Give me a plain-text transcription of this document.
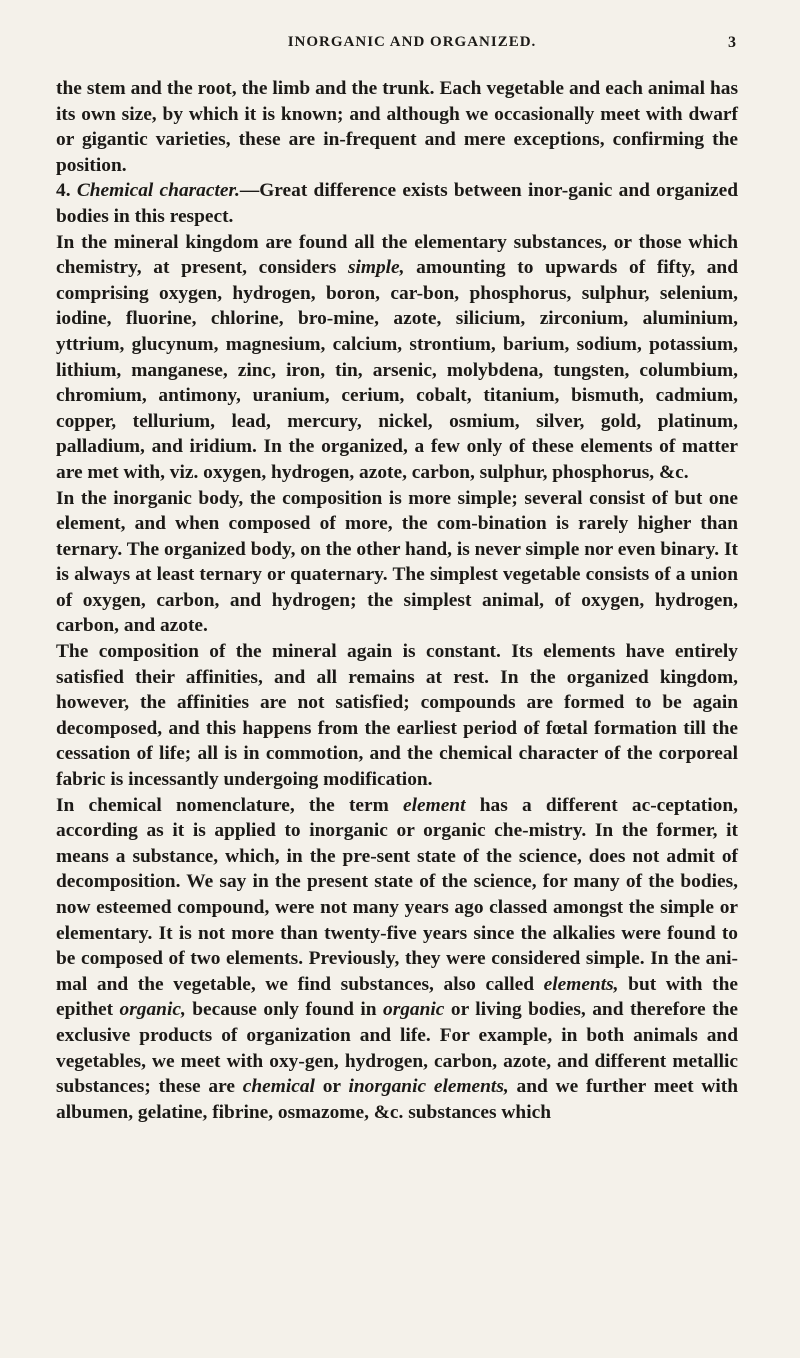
INORGANIC AND ORGANIZED.	3

the stem and the root, the limb and the trunk. Each vegetable and each animal has its own size, by which it is known; and although we occasionally meet with dwarf or gigantic varieties, these are in-frequent and mere exceptions, confirming the position.

4. Chemical character.—Great difference exists between inor-ganic and organized bodies in this respect.

In the mineral kingdom are found all the elementary substances, or those which chemistry, at present, considers simple, amounting to upwards of fifty, and comprising oxygen, hydrogen, boron, car-bon, phosphorus, sulphur, selenium, iodine, fluorine, chlorine, bro-mine, azote, silicium, zirconium, aluminium, yttrium, glucynum, magnesium, calcium, strontium, barium, sodium, potassium, lithium, manganese, zinc, iron, tin, arsenic, molybdena, tungsten, columbium, chromium, antimony, uranium, cerium, cobalt, titanium, bismuth, cadmium, copper, tellurium, lead, mercury, nickel, osmium, silver, gold, platinum, palladium, and iridium. In the organized, a few only of these elements of matter are met with, viz. oxygen, hydrogen, azote, carbon, sulphur, phosphorus, &c.

In the inorganic body, the composition is more simple; several consist of but one element, and when composed of more, the com-bination is rarely higher than ternary. The organized body, on the other hand, is never simple nor even binary. It is always at least ternary or quaternary. The simplest vegetable consists of a union of oxygen, carbon, and hydrogen; the simplest animal, of oxygen, hydrogen, carbon, and azote.

The composition of the mineral again is constant. Its elements have entirely satisfied their affinities, and all remains at rest. In the organized kingdom, however, the affinities are not satisfied; compounds are formed to be again decomposed, and this happens from the earliest period of fœtal formation till the cessation of life; all is in commotion, and the chemical character of the corporeal fabric is incessantly undergoing modification.

In chemical nomenclature, the term element has a different ac-ceptation, according as it is applied to inorganic or organic che-mistry. In the former, it means a substance, which, in the pre-sent state of the science, does not admit of decomposition. We say in the present state of the science, for many of the bodies, now esteemed compound, were not many years ago classed amongst the simple or elementary. It is not more than twenty-five years since the alkalies were found to be composed of two elements. Previously, they were considered simple. In the ani-mal and the vegetable, we find substances, also called elements, but with the epithet organic, because only found in organic or living bodies, and therefore the exclusive products of organization and life. For example, in both animals and vegetables, we meet with oxy-gen, hydrogen, carbon, azote, and different metallic substances; these are chemical or inorganic elements, and we further meet with albumen, gelatine, fibrine, osmazome, &c. substances which
